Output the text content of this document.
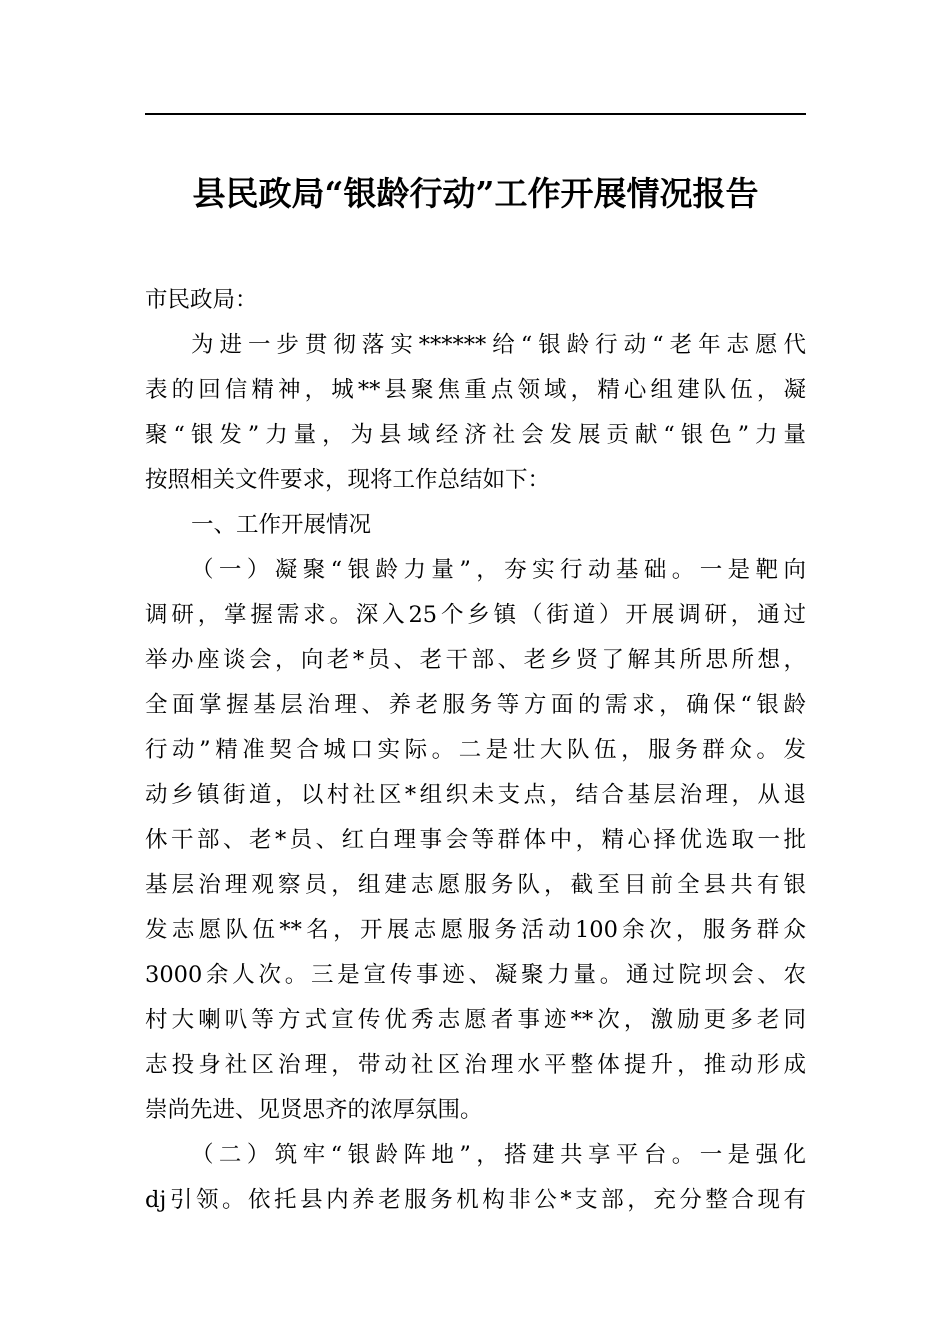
县民政局“银龄行动”工作开展情况报告
市民政局：
为进一步贯彻落实******给“银龄行动“老年志愿代
表的回信精神，城**县聚焦重点领域，精心组建队伍，凝
聚“银发”力量，为县域经济社会发展贡献“银色”力量
按照相关文件要求，现将工作总结如下：
一、工作开展情况
（一）凝聚“银龄力量”，夯实行动基础。一是靶向
调研，掌握需求。深入25个乡镇（街道）开展调研，通过
举办座谈会，向老*员、老干部、老乡贤了解其所思所想，
全面掌握基层治理、养老服务等方面的需求，确保“银龄
行动”精准契合城口实际。二是壮大队伍，服务群众。发
动乡镇街道，以村社区*组织未支点，结合基层治理，从退
休干部、老*员、红白理事会等群体中，精心择优选取一批
基层治理观察员，组建志愿服务队，截至目前全县共有银
发志愿队伍**名，开展志愿服务活动100余次，服务群众
3000余人次。三是宣传事迹、凝聚力量。通过院坝会、农
村大喇叭等方式宣传优秀志愿者事迹**次，激励更多老同
志投身社区治理，带动社区治理水平整体提升，推动形成
崇尚先进、见贤思齐的浓厚氛围。
（二）筑牢“银龄阵地”，搭建共享平台。一是强化
dj引领。依托县内养老服务机构非公*支部，充分整合现有
